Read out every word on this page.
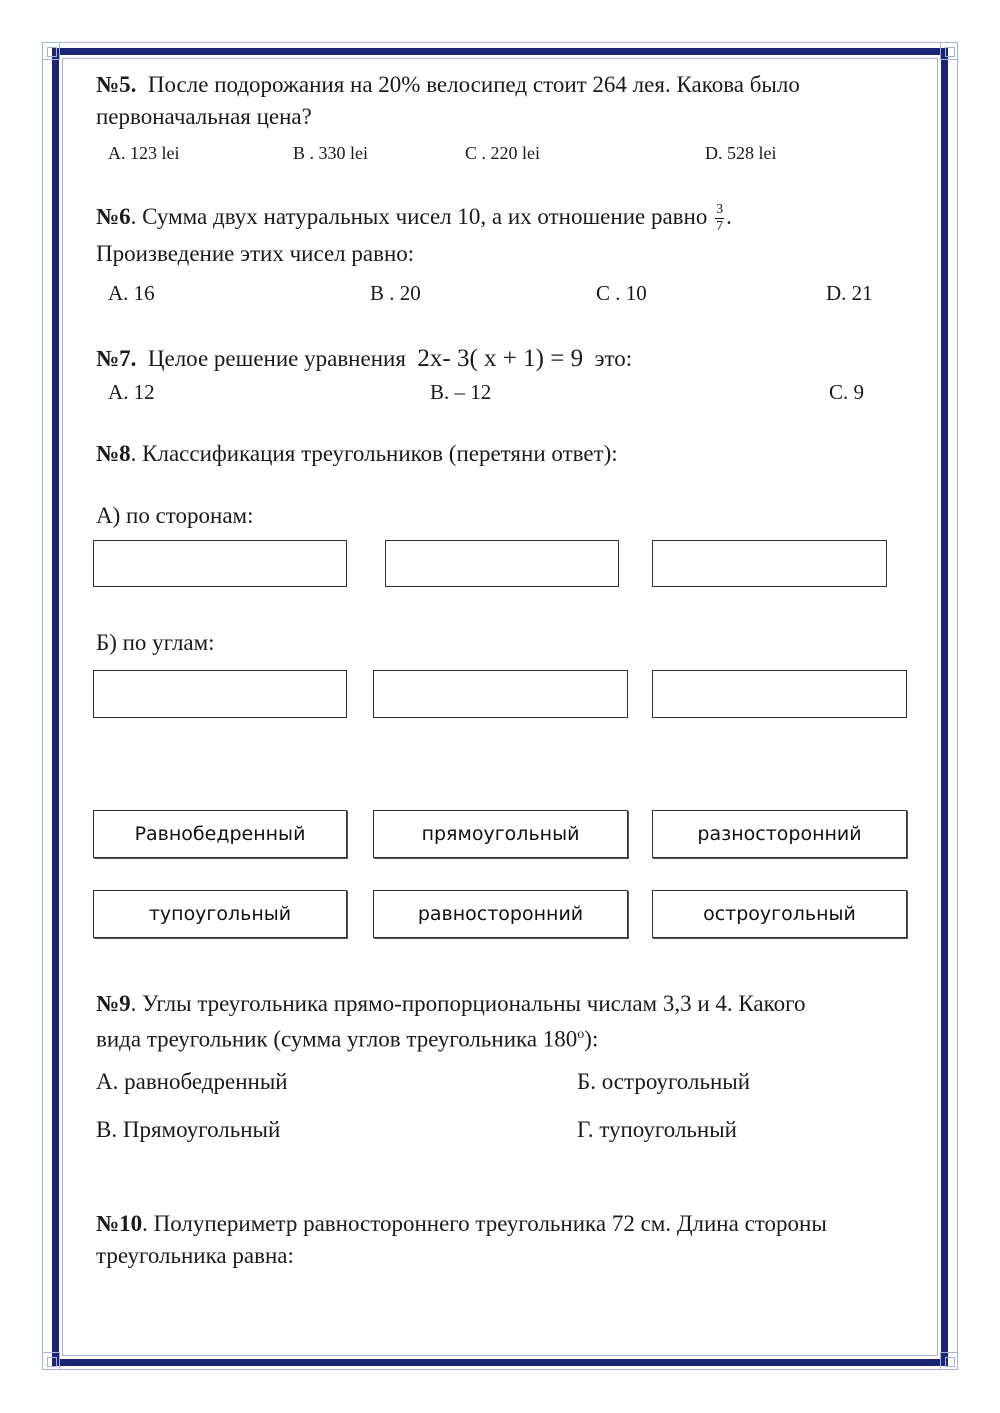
№5. После подорожания на 20% велосипед стоит 264 лея. Какова было
первоначальная цена?
A. 123 lei	B . 330 lei	C . 220 lei	D. 528 lei
№6. Сумма двух натуральных чисел 10, а их отношение равно $\frac{3}{7}$ .
Произведение этих чисел равно:
A. 16	B . 20	C . 10	D. 21
№7. Целое решение уравнения 2x- 3( x + 1) = 9 это:
A. 12	B. – 12	C. 9
№8. Классификация треугольников (перетяни ответ):
А) по сторонам:
Б) по углам:
Равнобедренный	прямоугольный	разносторонний
тупоугольный	равносторонний	остроугольный
№9. Углы треугольника прямо-пропорциональны числам 3,3 и 4. Какого
вида треугольник (сумма углов треугольника $180^о$):
А. равнобедренный	Б. остроугольный
В. Прямоугольный	Г. тупоугольный
№10. Полупериметр равностороннего треугольника 72 см. Длина стороны
треугольника равна:
